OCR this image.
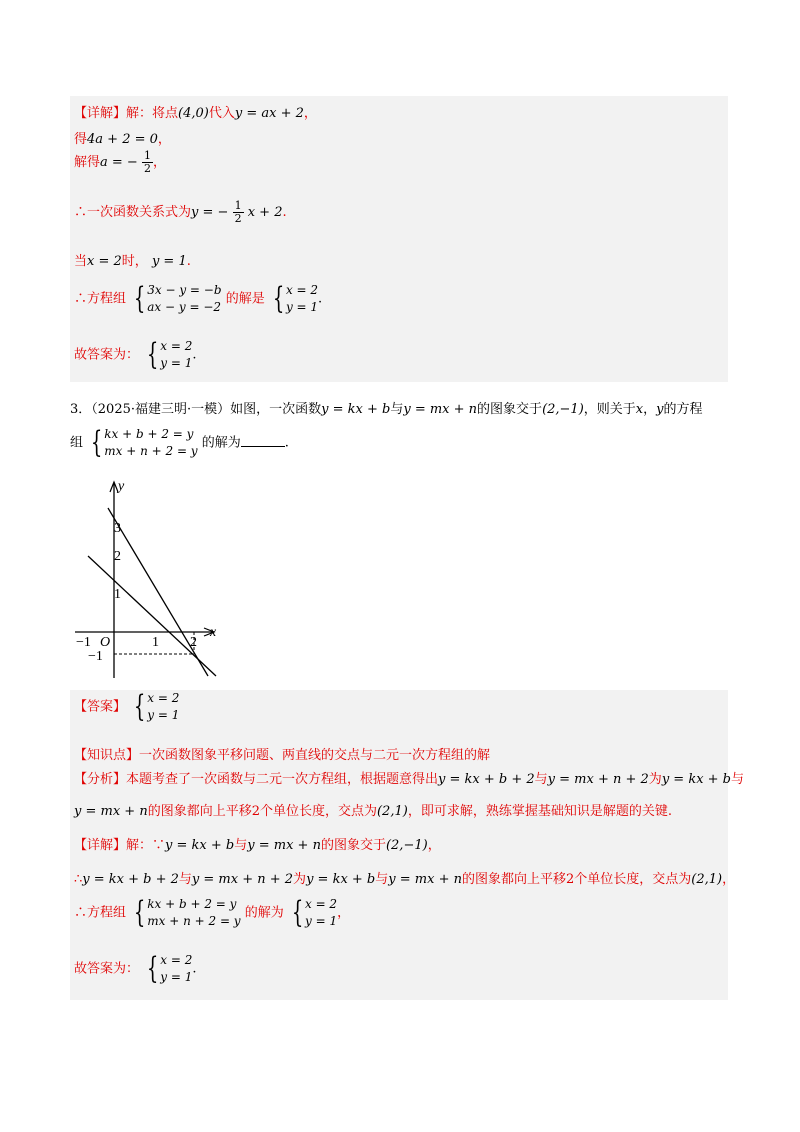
【详解】解：将点(4,0)代入y = ax + 2，
得4a + 2 = 0，
解得a = − $\frac{1}{2}$ ，
∴一次函数关系式为y = − $\frac{1}{2}$ x + 2.
当x = 2时， y = 1.
∴方程组 { 3x − y = −b
ax − y = −2
的解是 { x = 2
y = 1
.
故答案为： { x = 2
y = 1
.
3．（2025·福建三明·一模）如图，一次函数y = kx + b与y = mx + n的图象交于(2,−1)，则关于x，y的方程
组 { kx + b + 2 = y
mx + n + 2 = y
的解为	.
y
x
O
3
2
1
−1	1 2
−1
【答案】 { x = 2
y = 1
【知识点】一次函数图象平移问题、两直线的交点与二元一次方程组的解
【分析】本题考查了一次函数与二元一次方程组，根据题意得出y = kx + b + 2与y = mx + n + 2为y = kx + b与
y = mx + n的图象都向上平移2个单位长度，交点为(2,1)，即可求解，熟练掌握基础知识是解题的关键.
【详解】解：∵y = kx + b与y = mx + n的图象交于(2,−1)，
∴y = kx + b + 2与y = mx + n + 2为y = kx + b与y = mx + n的图象都向上平移2个单位长度，交点为(2,1)，
∴方程组 { kx + b + 2 = y
mx + n + 2 = y
的解为 { x = 2
y = 1
，
故答案为： { x = 2
y = 1
.
